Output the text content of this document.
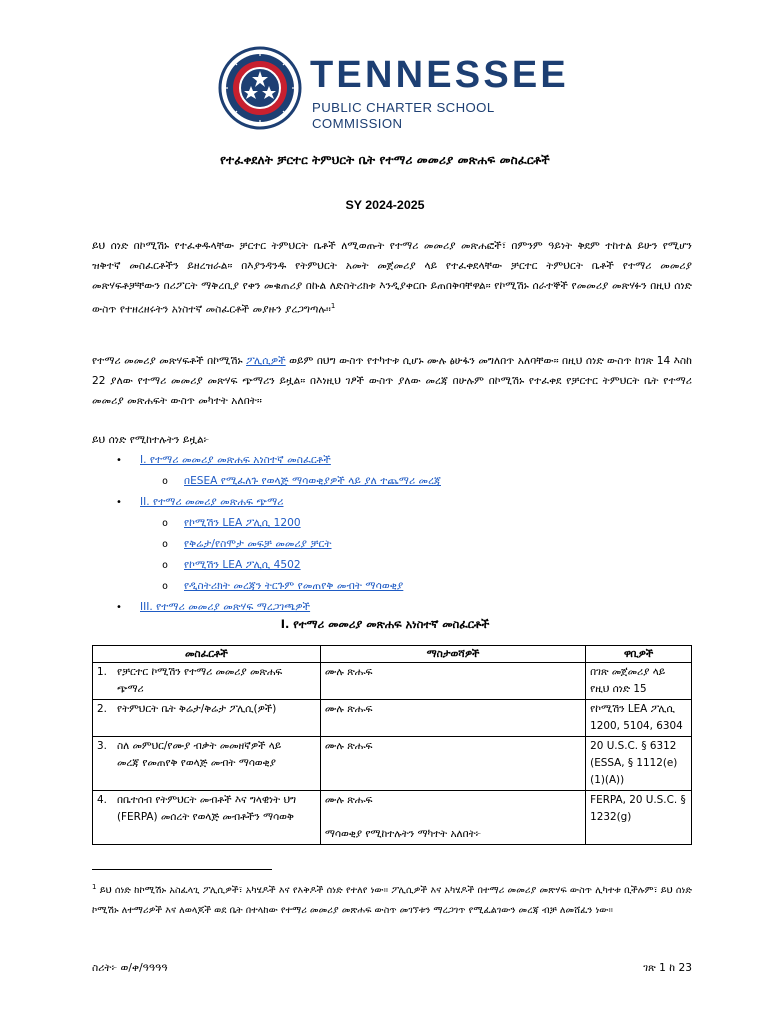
TENNESSEE
PUBLIC CHARTER SCHOOL COMMISSION
የተፈቀደለት ቻርተር ትምህርት ቤት የተማሪ መመሪያ መጽሐፍ መስፈርቶች
SY 2024-2025

ይህ ሰነድ በኮሚሽኑ የተፈቀዱላቸው ቻርተር ትምህርት ቤቶች ለሚወጡት የተማሪ መመሪያ መጽሐፎች፣ በምንም ዓይነት ቅደም ተከተል ይሁን የሚሆን ዝቅተኛ መስፈርቶችን ይዘረዝራል። በእያንዳንዱ የትምህርት አመት መጀመሪያ ላይ የተፈቀደላቸው ቻርተር ትምህርት ቤቶች የተማሪ መመሪያ መጽሃፍቶቻቸውን በሪፖርት ማቅረቢያ የቀን መቁጠሪያ በኩል ለድስትሪክቱ እንዲያቀርቡ ይጠበቅባቸዋል። የኮሚሽኑ ሰራተኞች የመመሪያ መጽሃፉን በዚህ ሰነድ ውስጥ የተዘረዘሩትን አነስተኛ መስፈርቶች መያዙን ያረጋግጣሉ።$^1$

የተማሪ መመሪያ መጽሃፍቶች በኮሚሽኑ ፖሊሲዎች ወይም በህግ ውስጥ የተካተቱ ሲሆኑ ሙሉ ፅሁፋን መግለበጥ አለባቸው። በዚህ ሰነድ ውስጥ ከገጽ 14 እስከ 22 ያለው የተማሪ መመሪያ መጽሃፍ ጭማሪን ይዟል። በእነዚህ ገፆች ውስጥ ያለው መረጃ በሁሉም በኮሚሽኑ የተፈቀደ የቻርተር ትምህርት ቤት የተማሪ መመሪያ መጽሐፍት ውስጥ መካተት አለበት።

ይህ ሰነድ የሚከተሉትን ይዟል፦

• I. የተማሪ መመሪያ መጽሐፍ አነስተኛ መስፈርቶች
o በESEA የሚፈለጉ የወላጅ ማሳወቂያዎች ላይ ያለ ተጨማሪ መረጃ
• II. የተማሪ መመሪያ መጽሐፍ ጭማሪ
o የኮሚሽን LEA ፖሊሲ 1200
o የቅሬታ/የስሞታ መፍቻ መመሪያ ቻርት
o የኮሚሽን LEA ፖሊሲ 4502
o የዲስትሪክት መረጃን ትርጉም የመጠየቅ መብት ማሳወቂያ
• III. የተማሪ መመሪያ መጽሃፍ ማረጋገጫዎች
I. የተማሪ መመሪያ መጽሐፍ አነስተኛ መስፈርቶች
መስፈርቶች	ማስታወሻዎች	ዋቢዎች
1. የቻርተር ኮሚሽን የተማሪ መመሪያ መጽሐፍ ጭማሪ	ሙሉ ጽሑፍ	በገጽ መጀመሪያ ላይ የዚህ ሰነድ 15
2. የትምህርት ቤት ቅሬታ/ቅሬታ ፖሊሲ(ዎች)	ሙሉ ጽሑፍ	የኮሚሽን LEA ፖሊሲ 1200, 5104, 6304
3. ስለ መምህር/የሙያ ብቃት መመዘኛዎች ላይ መረጃ የመጠየቅ የወላጅ መብት ማሳወቂያ	ሙሉ ጽሑፍ	20 U.S.C. § 6312 (ESSA, § 1112(e)(1)(A))
4. በቤተሰብ የትምህርት መብቶች እና ግላዊነት ህግ (FERPA) መሰረት የወላጅ መብቶችን ማሳወቅ	ሙሉ ጽሑፍ
ማሳወቂያ የሚከተሉትን ማካተት አለበት፦	FERPA, 20 U.S.C. § 1232(g)
$^1$ ይህ ሰነድ ከኮሚሽኑ አስፈላጊ ፖሊሲዎች፣ አካሄዶች እና የእቅዶች ሰነድ የተለየ ነው። ፖሊሲዎች እና አካሄዶች በተማሪ መመሪያ መጽሃፍ ውስጥ ሊካተቱ ቢችሉም፣ ይህ ሰነድ ኮሚሽኑ ለተማሪዎች እና ለወላጆች ወደ ቤት በተላከው የተማሪ መመሪያ መጽሐፍ ውስጥ መገኘቱን ማረጋገጥ የሚፈልገውን መረጃ ብቻ ለመሸፈን ነው።
ስሪት፦ ወ/ቀ/ዓዓዓዓ	ገጽ 1 ከ 23
